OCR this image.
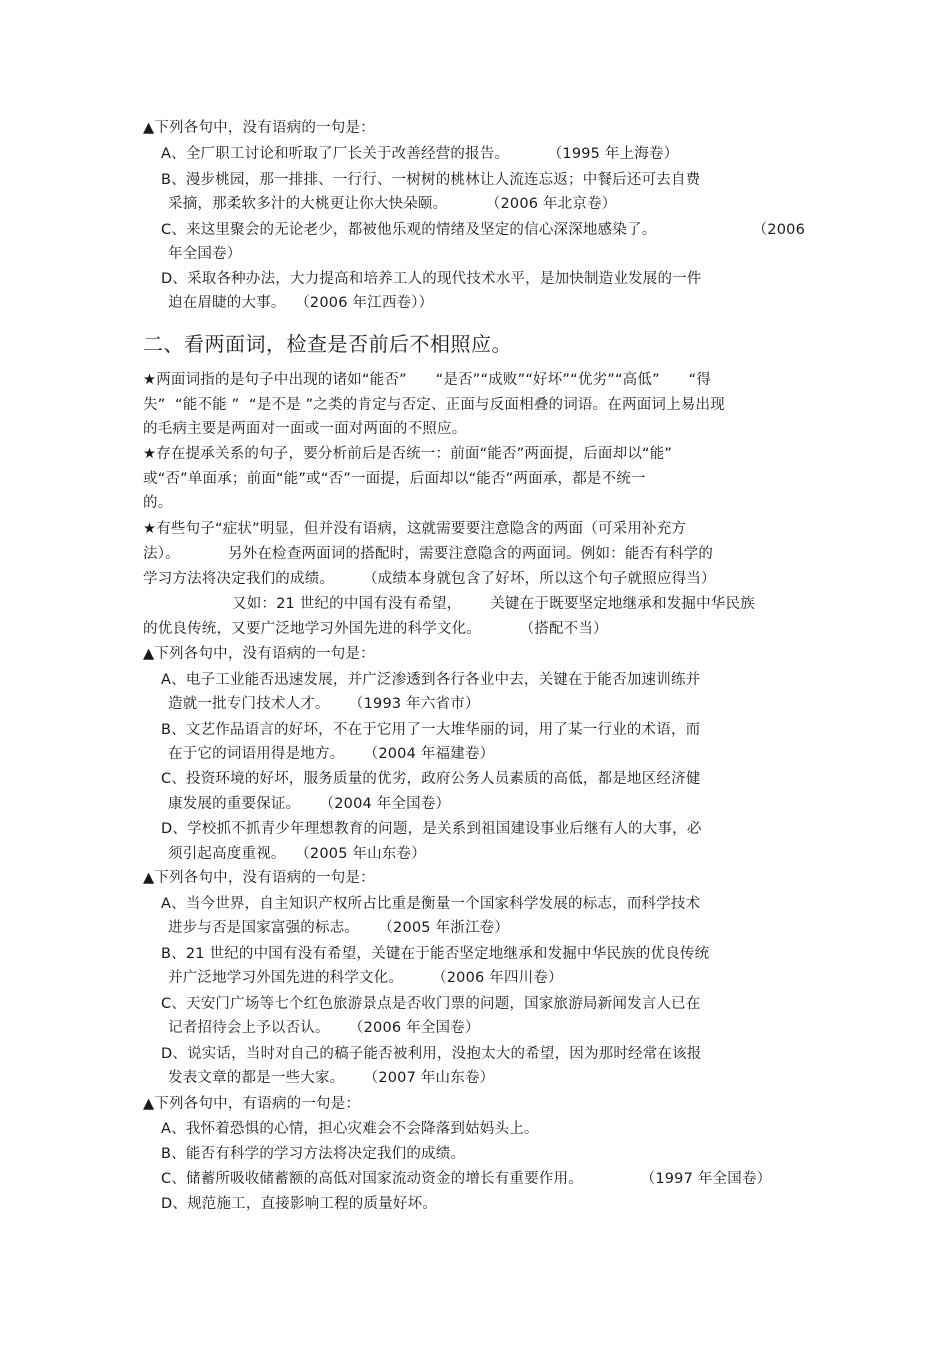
▲下列各句中，没有语病的一句是：
A、全厂职工讨论和听取了厂长关于改善经营的报告。        （1995 年上海卷）
B、漫步桃园，那一排排、一行行、一树树的桃林让人流连忘返；中餐后还可去自费
采摘，那柔软多汁的大桃更让你大快朵颐。        （2006 年北京卷）
C、来这里聚会的无论老少，都被他乐观的情绪及坚定的信心深深地感染了。                    （2006
年全国卷）
D、采取各种办法，大力提高和培养工人的现代技术水平，是加快制造业发展的一件
迫在眉睫的大事。  （2006 年江西卷））
二、看两面词，检查是否前后不相照应。
★两面词指的是句子中出现的诸如“能否”      “是否”“成败”“好坏”“优劣”“高低”      “得
失”  “能不能 ”  “是不是 ”之类的肯定与否定、正面与反面相叠的词语。在两面词上易出现
的毛病主要是两面对一面或一面对两面的不照应。
★存在提承关系的句子，要分析前后是否统一：前面“能否”两面提，后面却以“能”
或“否”单面承；前面“能”或“否”一面提，后面却以“能否”两面承，都是不统一
的。
★有些句子“症状”明显，但并没有语病，这就需要要注意隐含的两面（可采用补充方
法）。          另外在检查两面词的搭配时，需要注意隐含的两面词。例如：能否有科学的
学习方法将决定我们的成绩。      （成绩本身就包含了好坏，所以这个句子就照应得当）
又如：21 世纪的中国有没有希望，      关键在于既要坚定地继承和发掘中华民族
的优良传统，又要广泛地学习外国先进的科学文化。        （搭配不当）
▲下列各句中，没有语病的一句是：
A、电子工业能否迅速发展，并广泛渗透到各行各业中去，关键在于能否加速训练并
造就一批专门技术人才。    （1993 年六省市）
B、文艺作品语言的好坏，不在于它用了一大堆华丽的词，用了某一行业的术语，而
在于它的词语用得是地方。    （2004 年福建卷）
C、投资环境的好坏，服务质量的优劣，政府公务人员素质的高低，都是地区经济健
康发展的重要保证。    （2004 年全国卷）
D、学校抓不抓青少年理想教育的问题，是关系到祖国建设事业后继有人的大事，必
须引起高度重视。  （2005 年山东卷）
▲下列各句中，没有语病的一句是：
A、当今世界，自主知识产权所占比重是衡量一个国家科学发展的标志，而科学技术
进步与否是国家富强的标志。    （2005 年浙江卷）
B、21 世纪的中国有没有希望，关键在于能否坚定地继承和发掘中华民族的优良传统
并广泛地学习外国先进的科学文化。      （2006 年四川卷）
C、天安门广场等七个红色旅游景点是否收门票的问题，国家旅游局新闻发言人已在
记者招待会上予以否认。    （2006 年全国卷）
D、说实话，当时对自己的稿子能否被利用，没抱太大的希望，因为那时经常在该报
发表文章的都是一些大家。    （2007 年山东卷）
▲下列各句中，有语病的一句是：
A、我怀着恐惧的心情，担心灾难会不会降落到姑妈头上。
B、能否有科学的学习方法将决定我们的成绩。
C、储蓄所吸收储蓄额的高低对国家流动资金的增长有重要作用。            （1997 年全国卷）
D、规范施工，直接影响工程的质量好坏。
